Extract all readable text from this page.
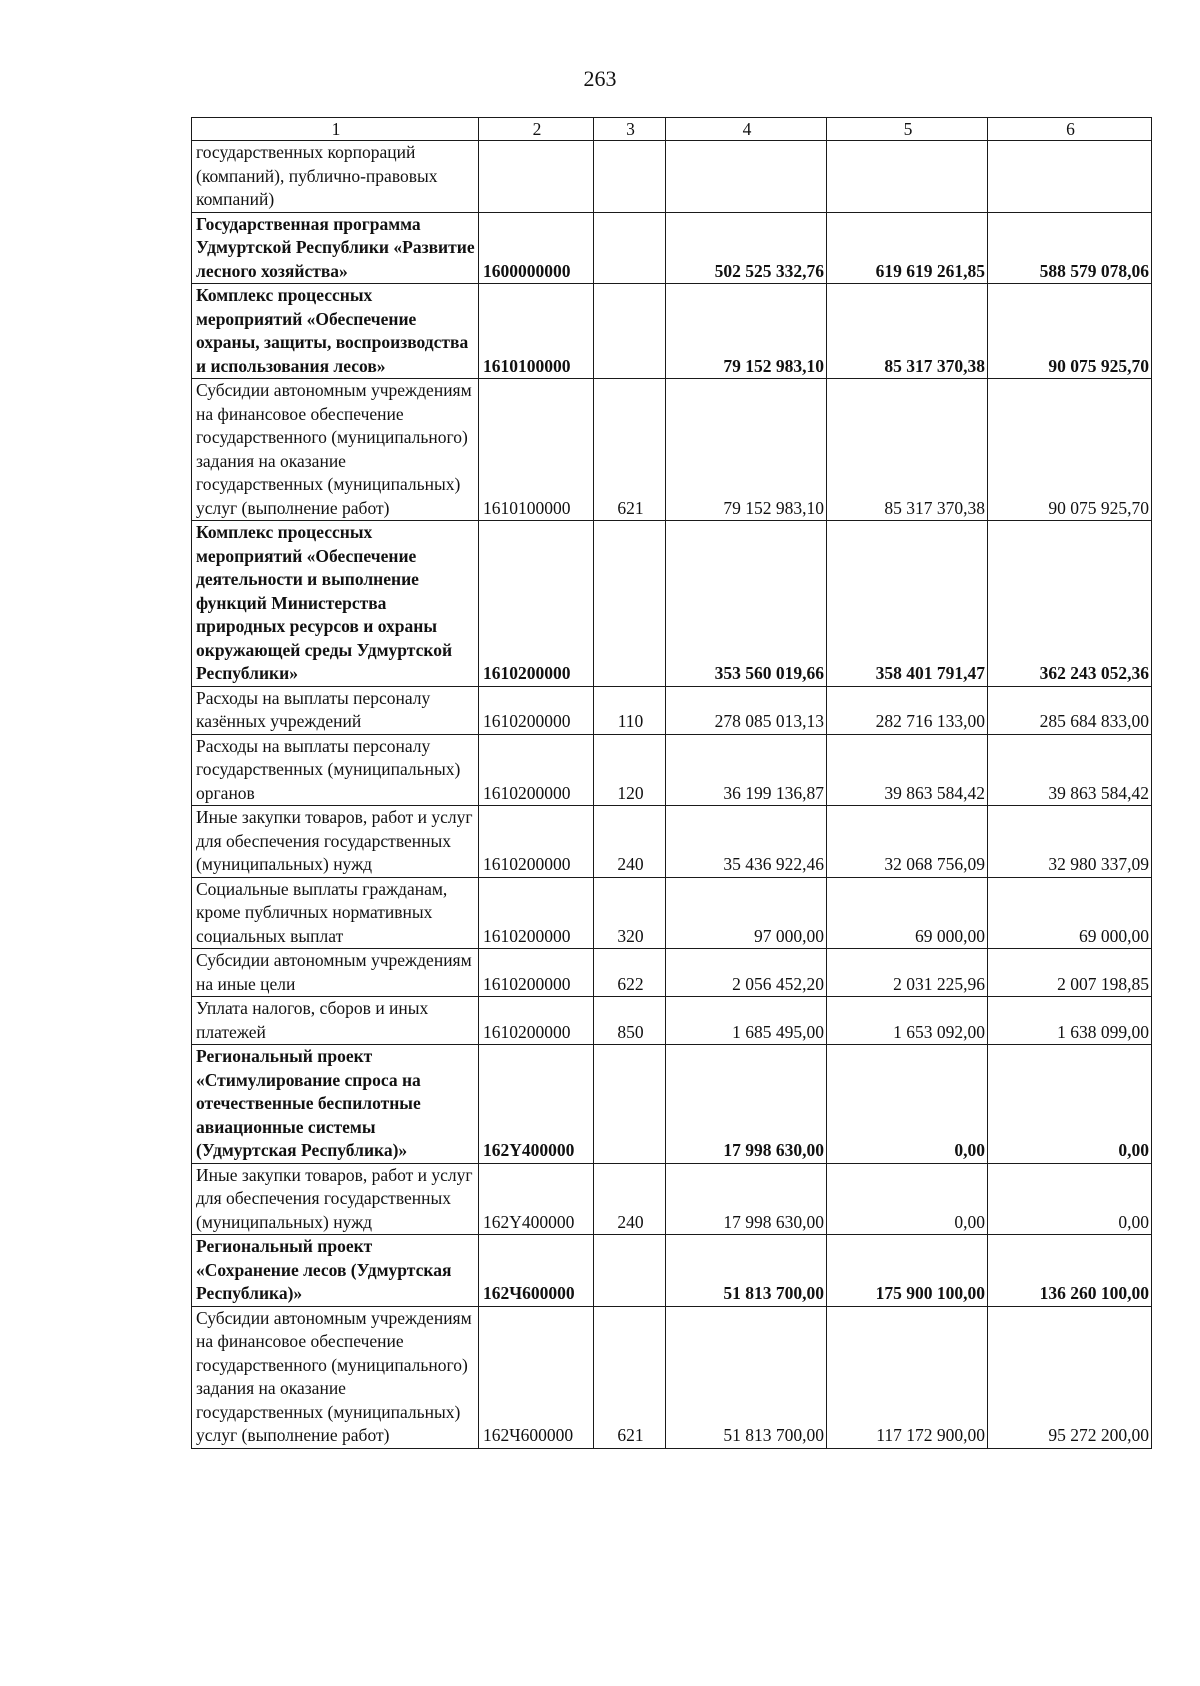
263
1	2	3	4	5	6
государственных корпораций (компаний), публично-правовых компаний)					
Государственная программа Удмуртской Республики «Развитие лесного хозяйства»	1600000000		502 525 332,76	619 619 261,85	588 579 078,06
Комплекс процессных мероприятий «Обеспечение охраны, защиты, воспроизводства и использования лесов»	1610100000		79 152 983,10	85 317 370,38	90 075 925,70
Субсидии автономным учреждениям на финансовое обеспечение государственного (муниципального) задания на оказание государственных (муниципальных) услуг (выполнение работ)	1610100000	621	79 152 983,10	85 317 370,38	90 075 925,70
Комплекс процессных мероприятий «Обеспечение деятельности и выполнение функций Министерства природных ресурсов и охраны окружающей среды Удмуртской Республики»	1610200000		353 560 019,66	358 401 791,47	362 243 052,36
Расходы на выплаты персоналу казённых учреждений	1610200000	110	278 085 013,13	282 716 133,00	285 684 833,00
Расходы на выплаты персоналу государственных (муниципальных) органов	1610200000	120	36 199 136,87	39 863 584,42	39 863 584,42
Иные закупки товаров, работ и услуг для обеспечения государственных (муниципальных) нужд	1610200000	240	35 436 922,46	32 068 756,09	32 980 337,09
Социальные выплаты гражданам, кроме публичных нормативных социальных выплат	1610200000	320	97 000,00	69 000,00	69 000,00
Субсидии автономным учреждениям на иные цели	1610200000	622	2 056 452,20	2 031 225,96	2 007 198,85
Уплата налогов, сборов и иных платежей	1610200000	850	1 685 495,00	1 653 092,00	1 638 099,00
Региональный проект «Стимулирование спроса на отечественные беспилотные авиационные системы (Удмуртская Республика)»	162Y400000		17 998 630,00	0,00	0,00
Иные закупки товаров, работ и услуг для обеспечения государственных (муниципальных) нужд	162Y400000	240	17 998 630,00	0,00	0,00
Региональный проект «Сохранение лесов (Удмуртская Республика)»	162Ч600000		51 813 700,00	175 900 100,00	136 260 100,00
Субсидии автономным учреждениям на финансовое обеспечение государственного (муниципального) задания на оказание государственных (муниципальных) услуг (выполнение работ)	162Ч600000	621	51 813 700,00	117 172 900,00	95 272 200,00
